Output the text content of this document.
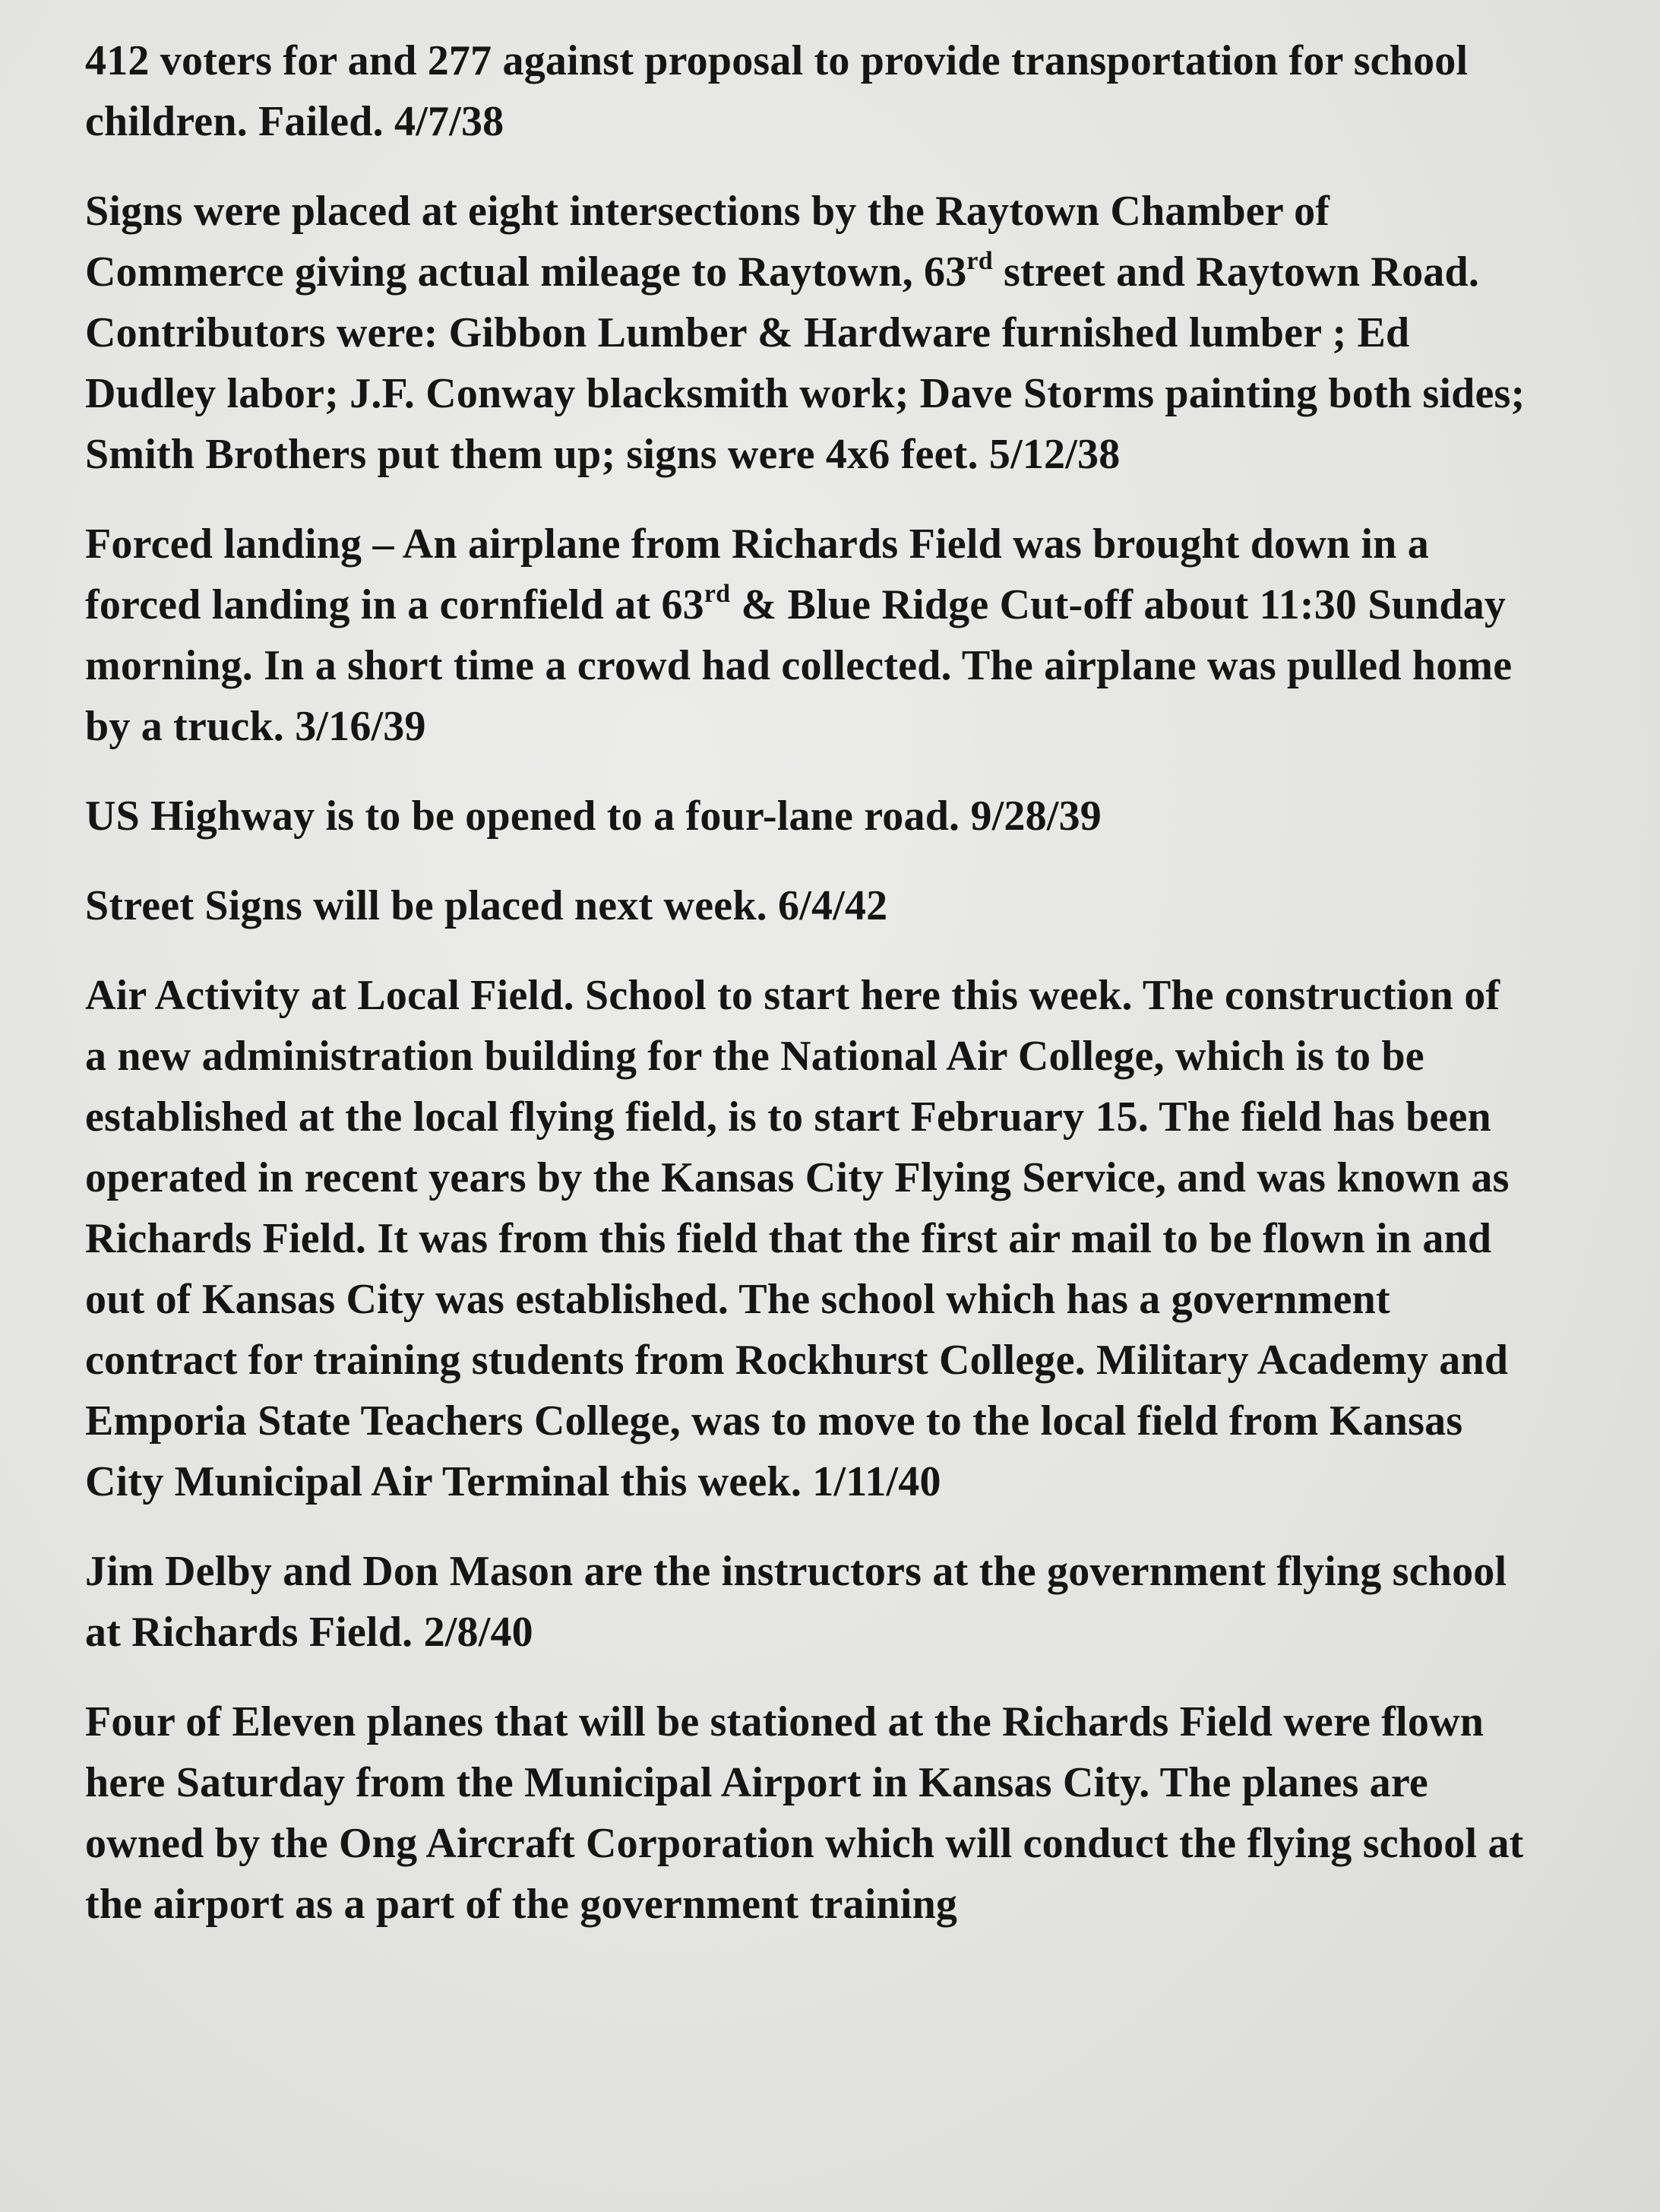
412 voters for and 277 against proposal to provide transportation for school children. Failed. 4/7/38

Signs were placed at eight intersections by the Raytown Chamber of Commerce giving actual mileage to Raytown, 63rd street and Raytown Road. Contributors were: Gibbon Lumber & Hardware furnished lumber ; Ed Dudley labor; J.F. Conway blacksmith work; Dave Storms painting both sides; Smith Brothers put them up; signs were 4x6 feet. 5/12/38

Forced landing – An airplane from Richards Field was brought down in a forced landing in a cornfield at 63rd & Blue Ridge Cut-off about 11:30 Sunday morning. In a short time a crowd had collected. The airplane was pulled home by a truck. 3/16/39

US Highway is to be opened to a four-lane road. 9/28/39

Street Signs will be placed next week. 6/4/42

Air Activity at Local Field. School to start here this week. The construction of a new administration building for the National Air College, which is to be established at the local flying field, is to start February 15. The field has been operated in recent years by the Kansas City Flying Service, and was known as Richards Field. It was from this field that the first air mail to be flown in and out of Kansas City was established. The school which has a government contract for training students from Rockhurst College. Military Academy and Emporia State Teachers College, was to move to the local field from Kansas City Municipal Air Terminal this week. 1/11/40

Jim Delby and Don Mason are the instructors at the government flying school at Richards Field. 2/8/40

Four of Eleven planes that will be stationed at the Richards Field were flown here Saturday from the Municipal Airport in Kansas City. The planes are owned by the Ong Aircraft Corporation which will conduct the flying school at the airport as a part of the government training
